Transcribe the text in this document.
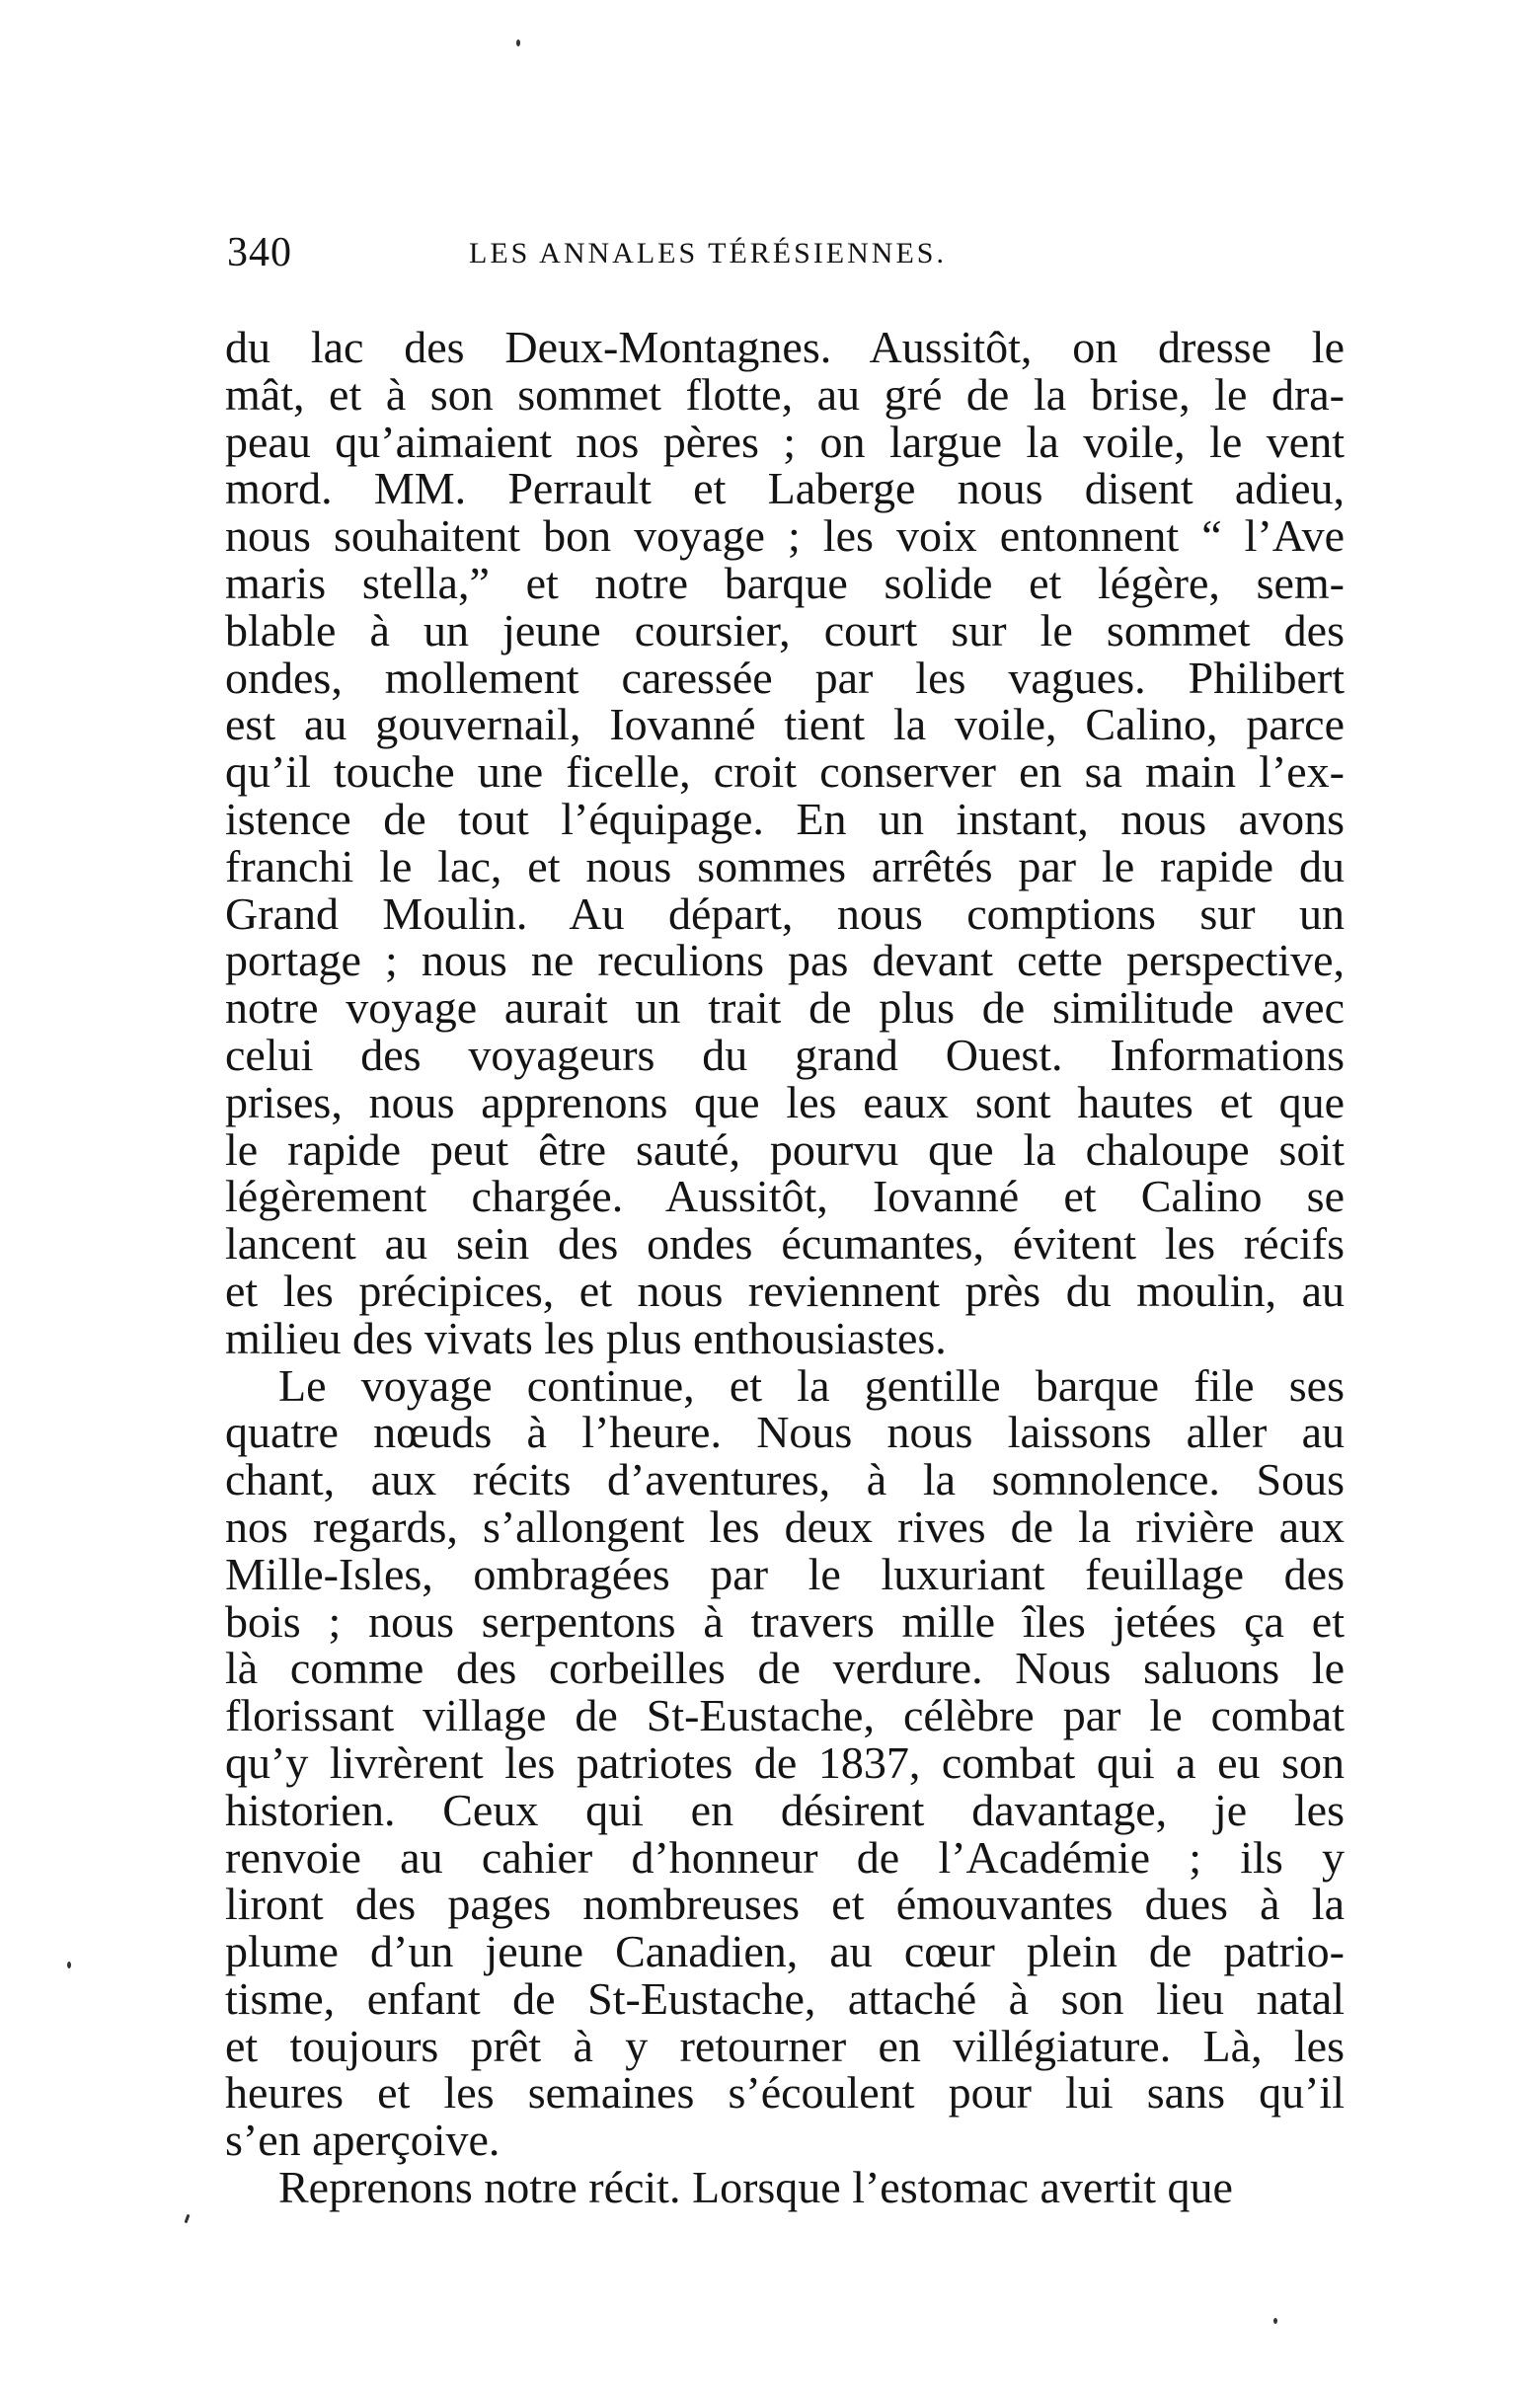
340	LES ANNALES TÉRÉSIENNES.
du lac des Deux-Montagnes. Aussitôt, on dresse le
mât, et à son sommet flotte, au gré de la brise, le dra-
peau qu’aimaient nos pères ; on largue la voile, le vent
mord. MM. Perrault et Laberge nous disent adieu,
nous souhaitent bon voyage ; les voix entonnent “ l’Ave
maris stella,” et notre barque solide et légère, sem-
blable à un jeune coursier, court sur le sommet des
ondes, mollement caressée par les vagues. Philibert
est au gouvernail, Iovanné tient la voile, Calino, parce
qu’il touche une ficelle, croit conserver en sa main l’ex-
istence de tout l’équipage. En un instant, nous avons
franchi le lac, et nous sommes arrêtés par le rapide du
Grand Moulin. Au départ, nous comptions sur un
portage ; nous ne reculions pas devant cette perspective,
notre voyage aurait un trait de plus de similitude avec
celui des voyageurs du grand Ouest. Informations
prises, nous apprenons que les eaux sont hautes et que
le rapide peut être sauté, pourvu que la chaloupe soit
légèrement chargée. Aussitôt, Iovanné et Calino se
lancent au sein des ondes écumantes, évitent les récifs
et les précipices, et nous reviennent près du moulin, au
milieu des vivats les plus enthousiastes.
Le voyage continue, et la gentille barque file ses
quatre nœuds à l’heure. Nous nous laissons aller au
chant, aux récits d’aventures, à la somnolence. Sous
nos regards, s’allongent les deux rives de la rivière aux
Mille-Isles, ombragées par le luxuriant feuillage des
bois ; nous serpentons à travers mille îles jetées ça et
là comme des corbeilles de verdure. Nous saluons le
florissant village de St-Eustache, célèbre par le combat
qu’y livrèrent les patriotes de 1837, combat qui a eu son
historien. Ceux qui en désirent davantage, je les
renvoie au cahier d’honneur de l’Académie ; ils y
liront des pages nombreuses et émouvantes dues à la
plume d’un jeune Canadien, au cœur plein de patrio-
tisme, enfant de St-Eustache, attaché à son lieu natal
et toujours prêt à y retourner en villégiature. Là, les
heures et les semaines s’écoulent pour lui sans qu’il
s’en aperçoive.
Reprenons notre récit. Lorsque l’estomac avertit que
